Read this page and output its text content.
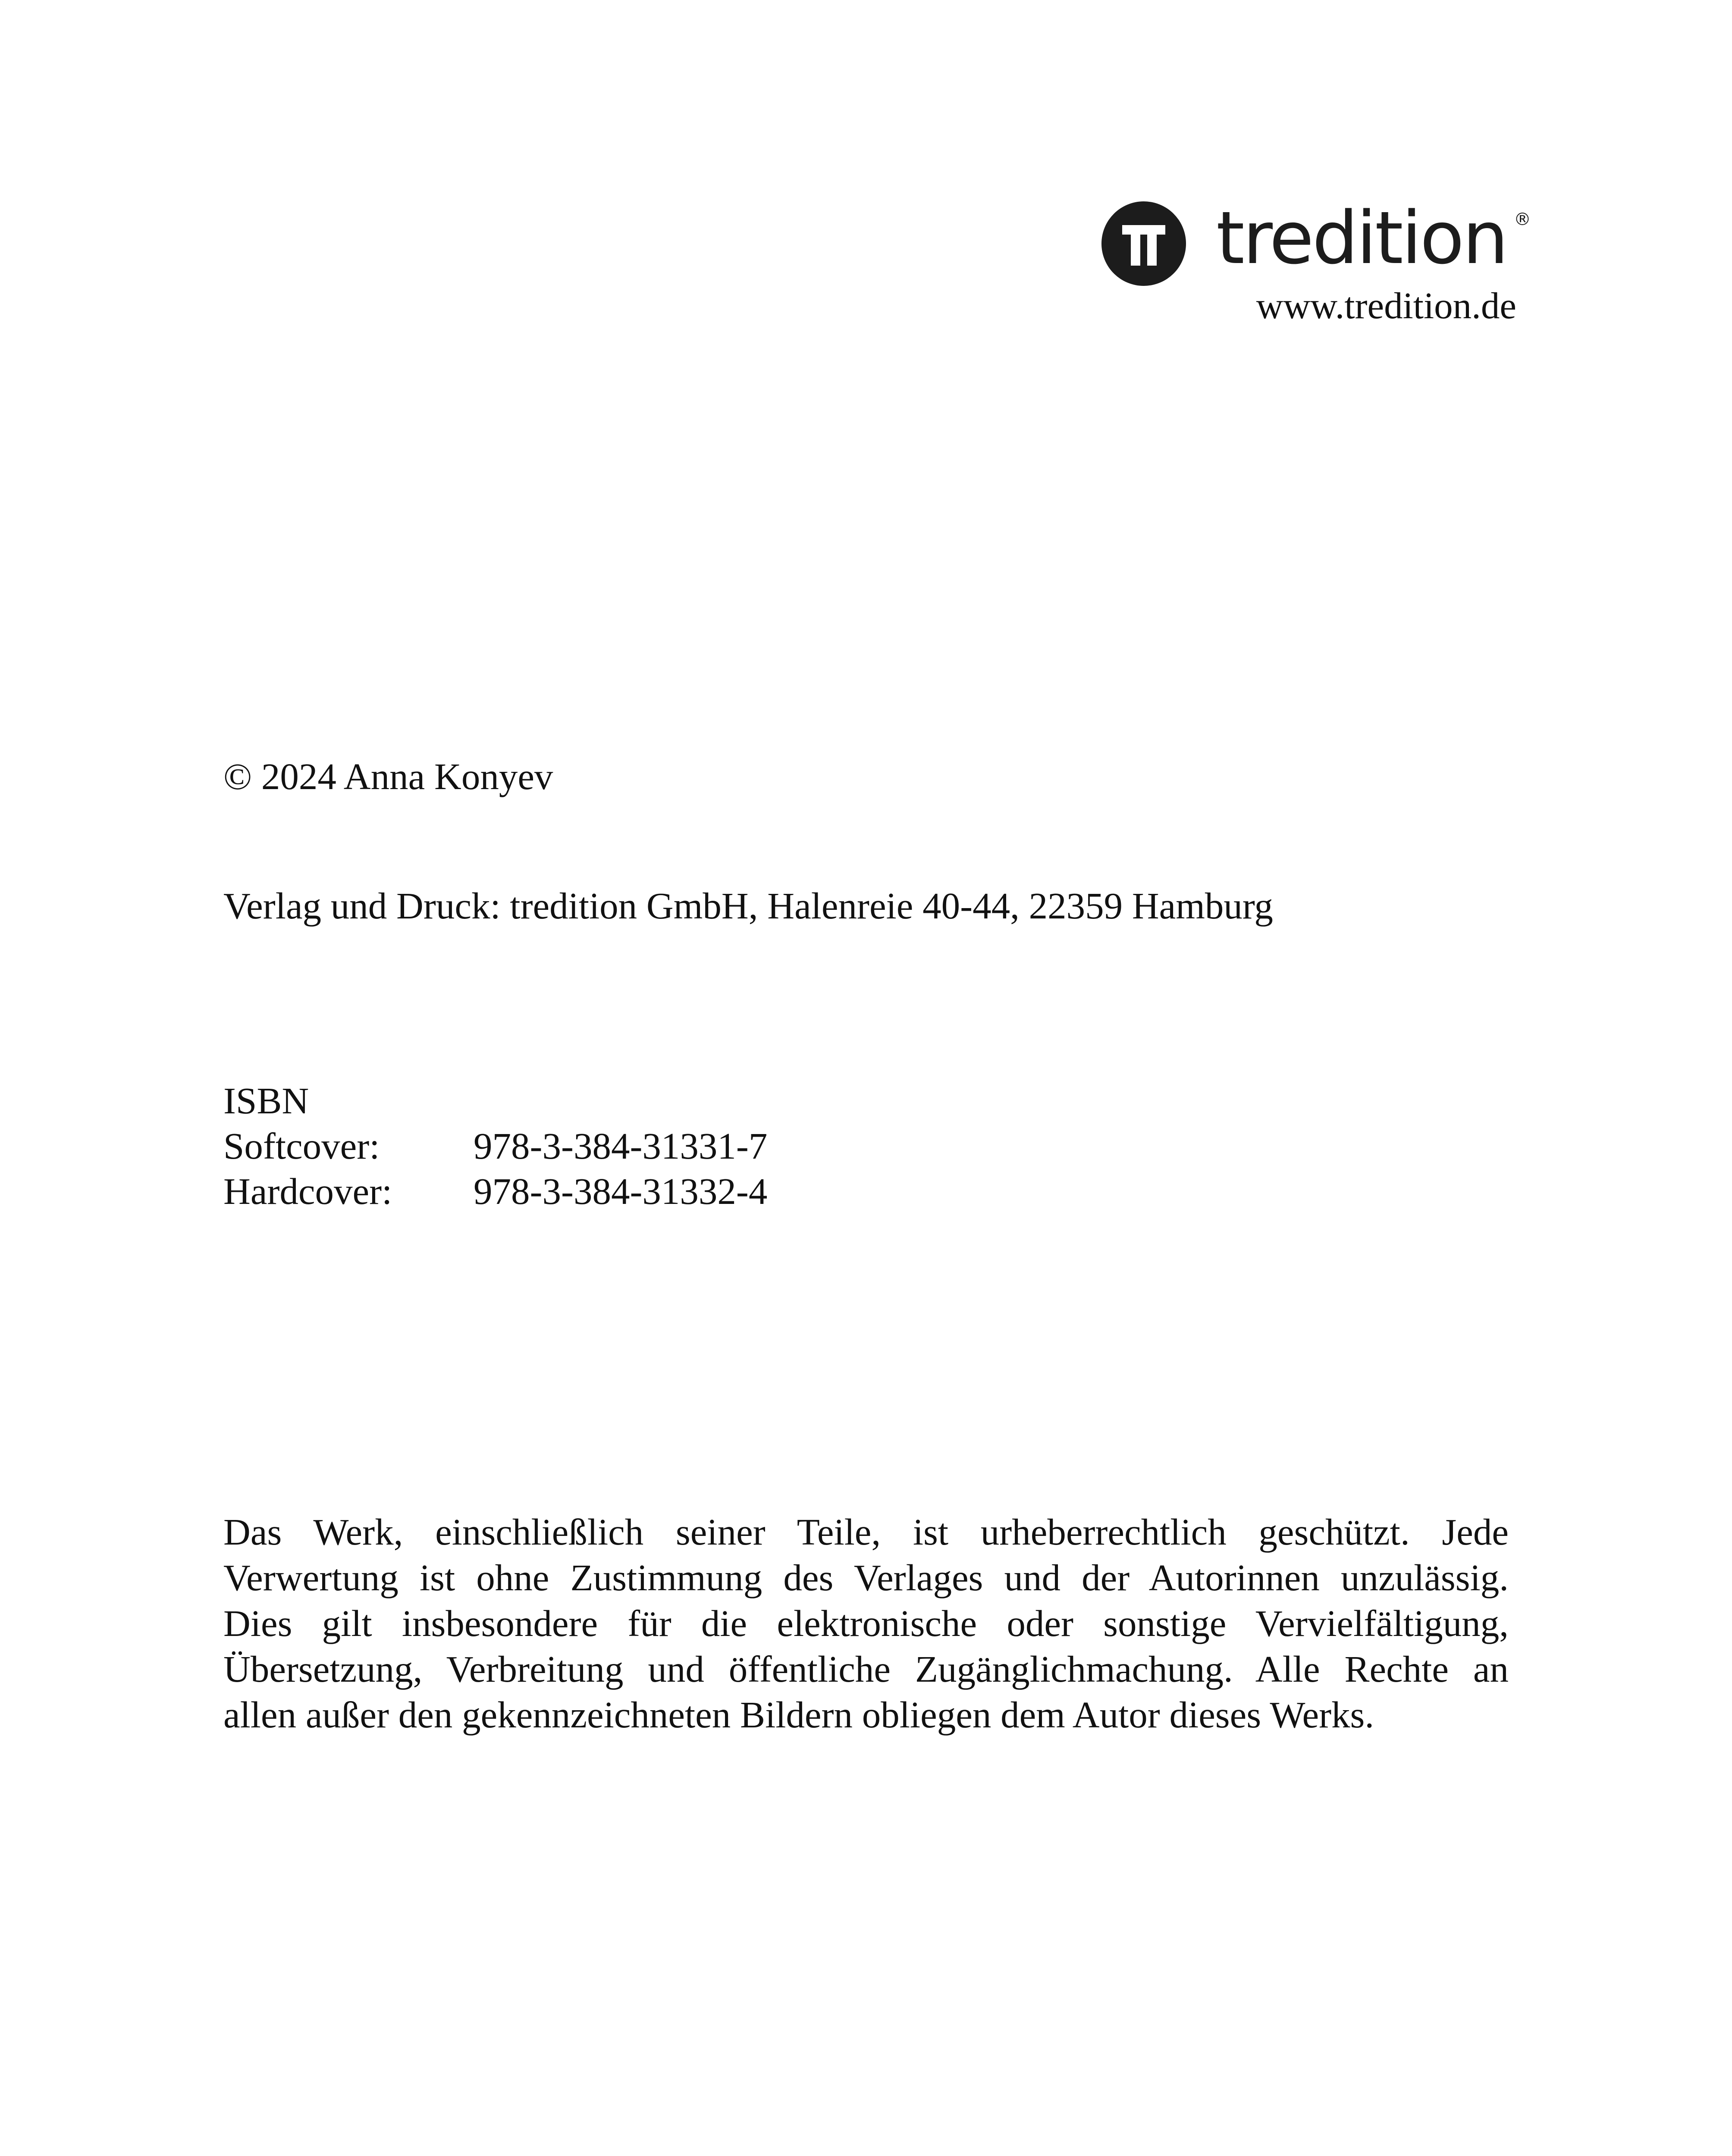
tredition ®
www.tredition.de
© 2024 Anna Konyev
Verlag und Druck: tredition GmbH, Halenreie 40-44, 22359 Hamburg
ISBN
Softcover:	978-3-384-31331-7
Hardcover:	978-3-384-31332-4
Das Werk, einschließlich seiner Teile, ist urheberrechtlich geschützt. Jede
Verwertung ist ohne Zustimmung des Verlages und der Autorinnen unzulässig.
Dies gilt insbesondere für die elektronische oder sonstige Vervielfältigung,
Übersetzung, Verbreitung und öffentliche Zugänglichmachung. Alle Rechte an
allen außer den gekennzeichneten Bildern obliegen dem Autor dieses Werks.
